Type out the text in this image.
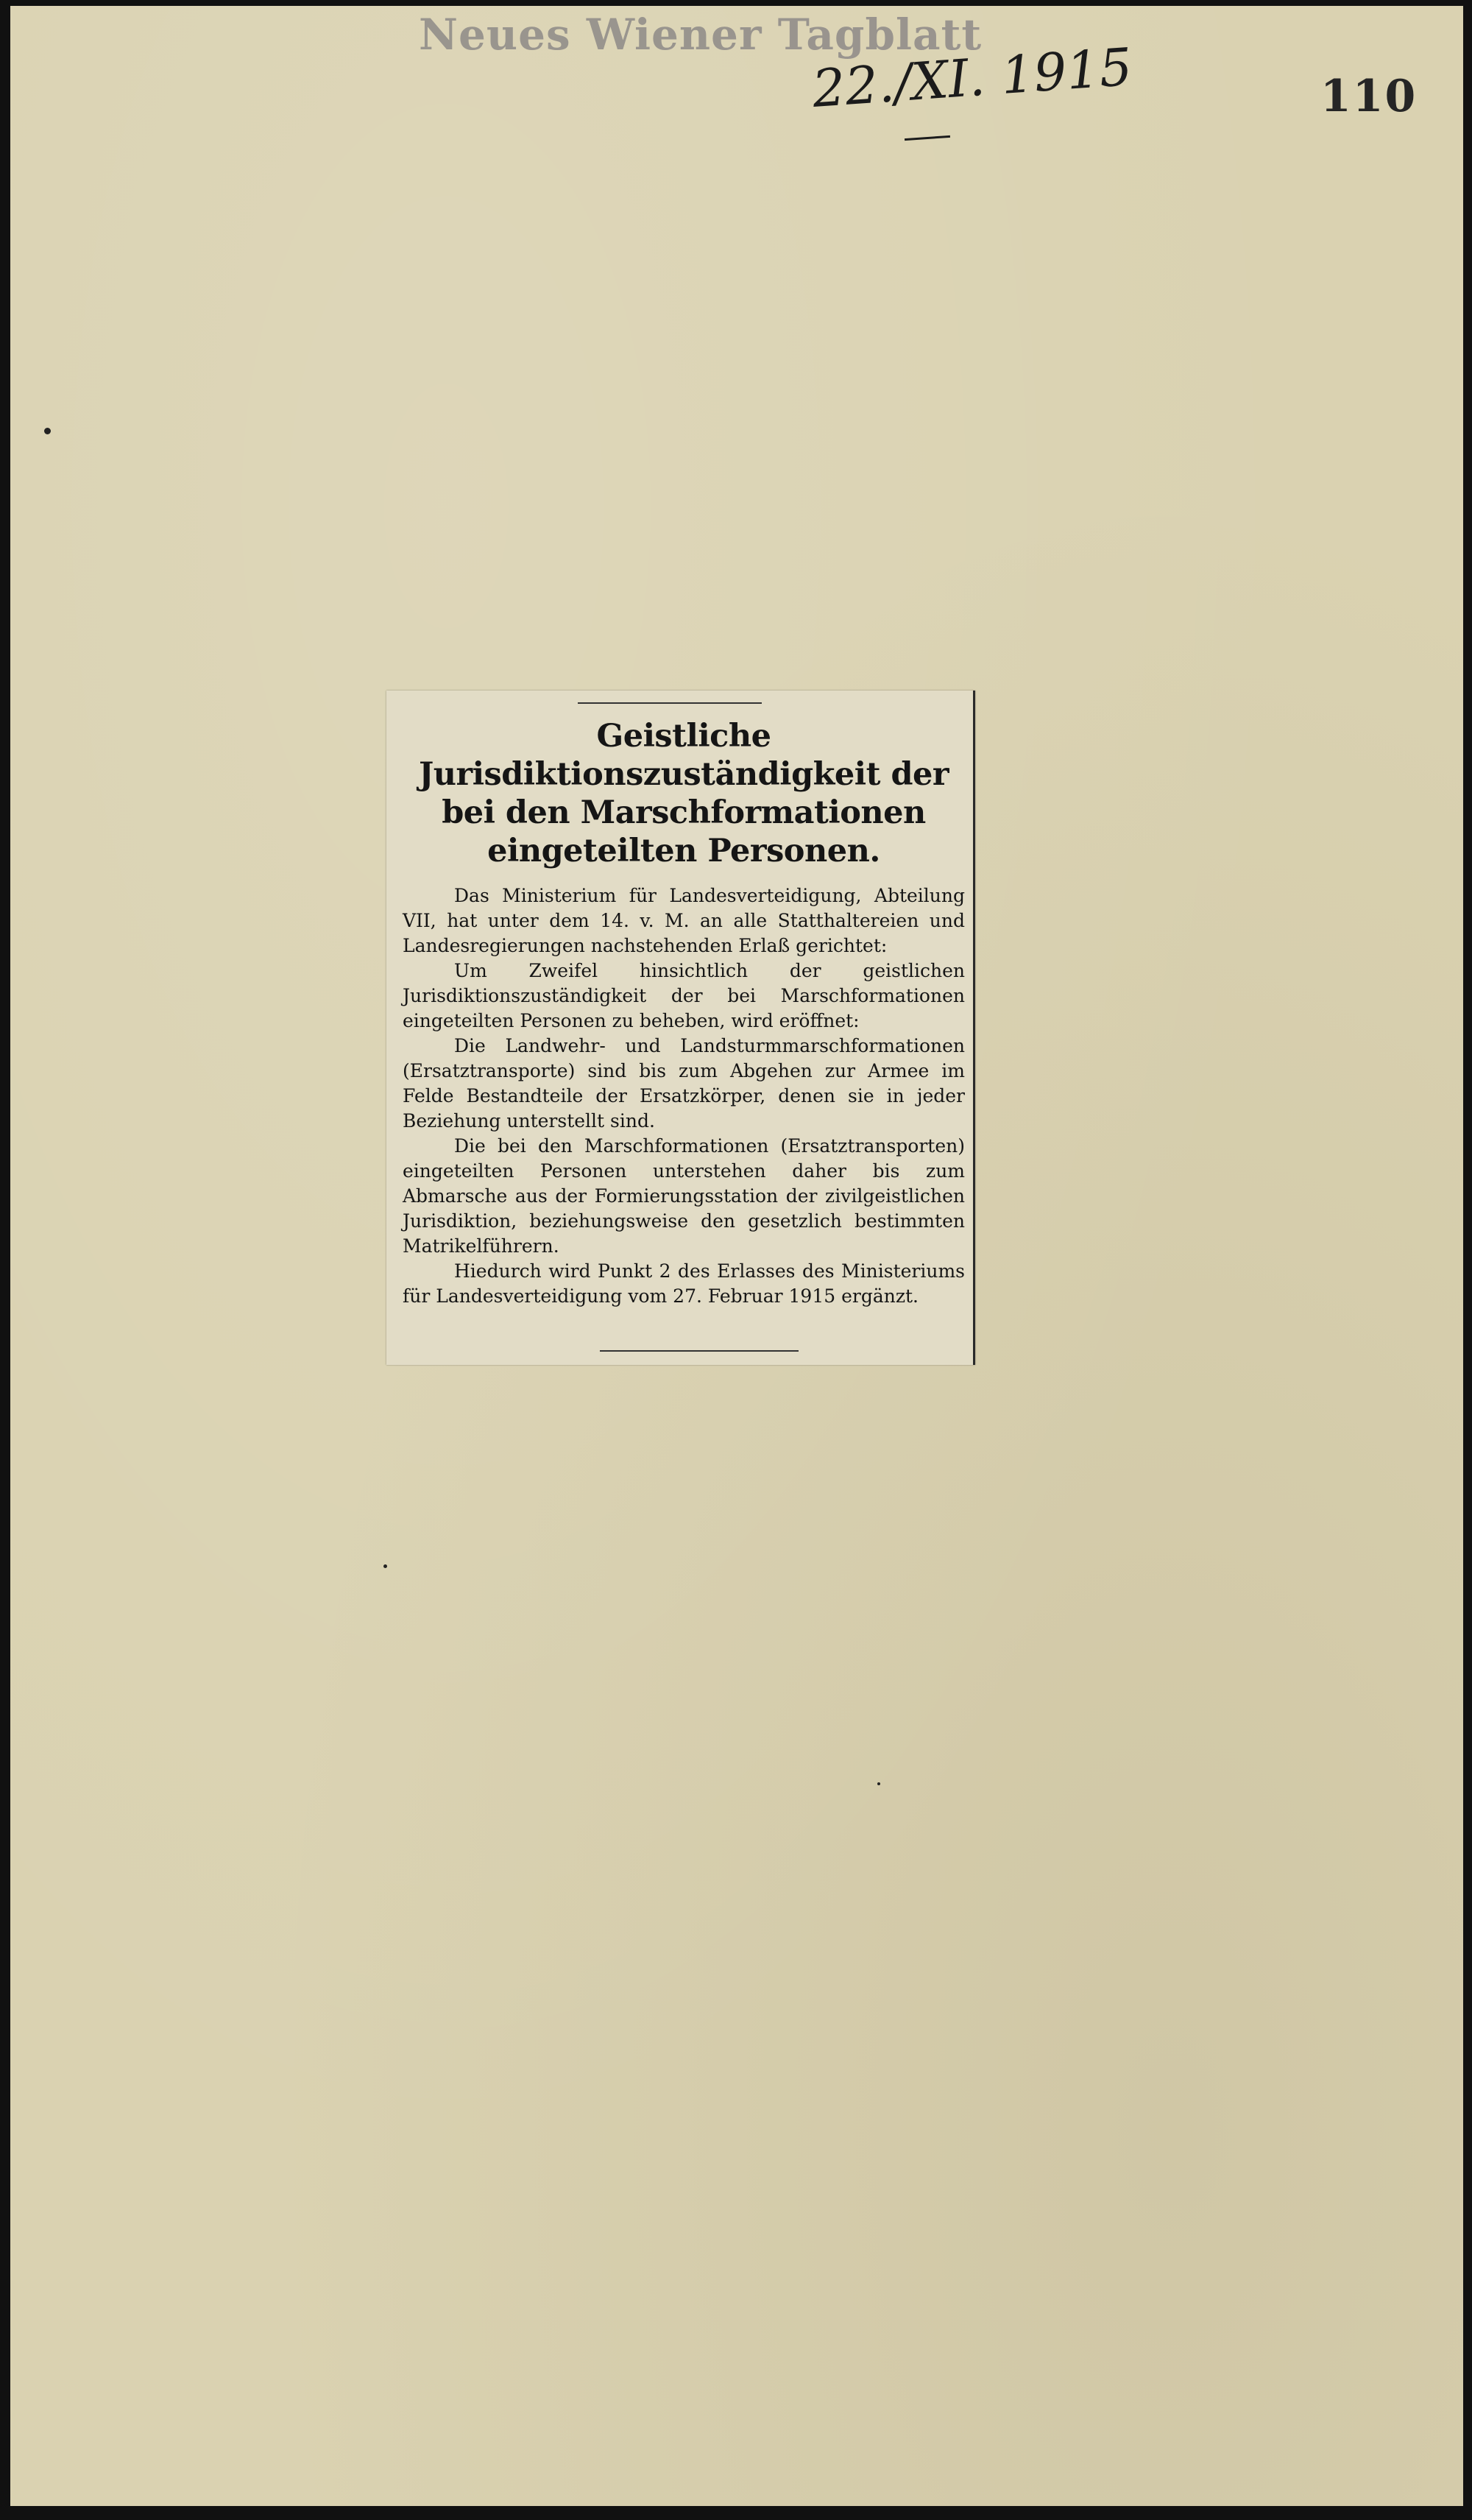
Neues Wiener Tagblatt
22./XI. 1915	110
Geistliche Jurisdiktionszuständigkeit der bei den Marschformationen eingeteilten Personen.

Das Ministerium für Landesverteidigung, Abteilung VII, hat unter dem 14. v. M. an alle Statthaltereien und Landesregierungen nachstehenden Erlaß gerichtet:

Um Zweifel hinsichtlich der geistlichen Jurisdiktionszuständigkeit der bei Marschformationen eingeteilten Personen zu beheben, wird eröffnet:

Die Landwehr- und Landsturmmarschformationen (Ersatztransporte) sind bis zum Abgehen zur Armee im Felde Bestandteile der Ersatzkörper, denen sie in jeder Beziehung unterstellt sind.

Die bei den Marschformationen (Ersatztransporten) eingeteilten Personen unterstehen daher bis zum Abmarsche aus der Formierungsstation der zivilgeistlichen Jurisdiktion, beziehungsweise den gesetzlich bestimmten Matrikelführern.

Hiedurch wird Punkt 2 des Erlasses des Ministeriums für Landesverteidigung vom 27. Februar 1915 ergänzt.
